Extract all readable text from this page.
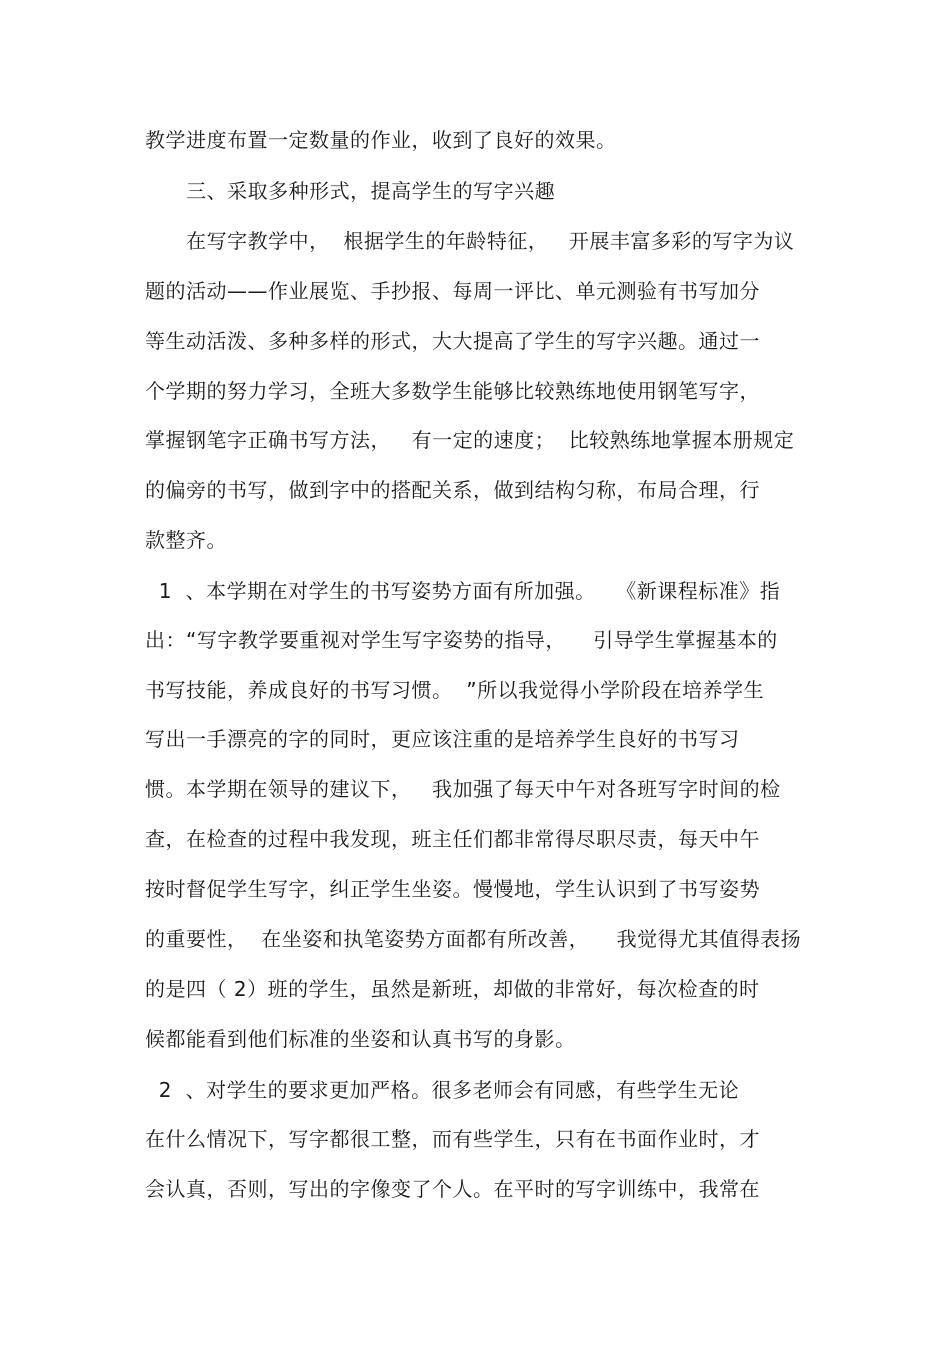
教学进度布置一定数量的作业，收到了良好的效果。
三、采取多种形式，提高学生的写字兴趣
在写字教学中，  根据学生的年龄特征，   开展丰富多彩的写字为议
题的活动——作业展览、手抄报、每周一评比、单元测验有书写加分
等生动活泼、多种多样的形式，大大提高了学生的写字兴趣。通过一
个学期的努力学习，全班大多数学生能够比较熟练地使用钢笔写字，
掌握钢笔字正确书写方法，   有一定的速度；  比较熟练地掌握本册规定
的偏旁的书写，做到字中的搭配关系，做到结构匀称，布局合理，行
款整齐。
1  、本学期在对学生的书写姿势方面有所加强。   《新课程标准》指
出：“写字教学要重视对学生写字姿势的指导，    引导学生掌握基本的
书写技能，养成良好的书写习惯。  ”所以我觉得小学阶段在培养学生
写出一手漂亮的字的同时，更应该注重的是培养学生良好的书写习
惯。本学期在领导的建议下，   我加强了每天中午对各班写字时间的检
查，在检查的过程中我发现，班主任们都非常得尽职尽责，每天中午
按时督促学生写字，纠正学生坐姿。慢慢地，学生认识到了书写姿势
的重要性，  在坐姿和执笔姿势方面都有所改善，    我觉得尤其值得表扬
的是四（ 2）班的学生，虽然是新班，却做的非常好，每次检查的时
候都能看到他们标准的坐姿和认真书写的身影。
2  、对学生的要求更加严格。很多老师会有同感，有些学生无论
在什么情况下，写字都很工整，而有些学生，只有在书面作业时，才
会认真，否则，写出的字像变了个人。在平时的写字训练中，我常在
